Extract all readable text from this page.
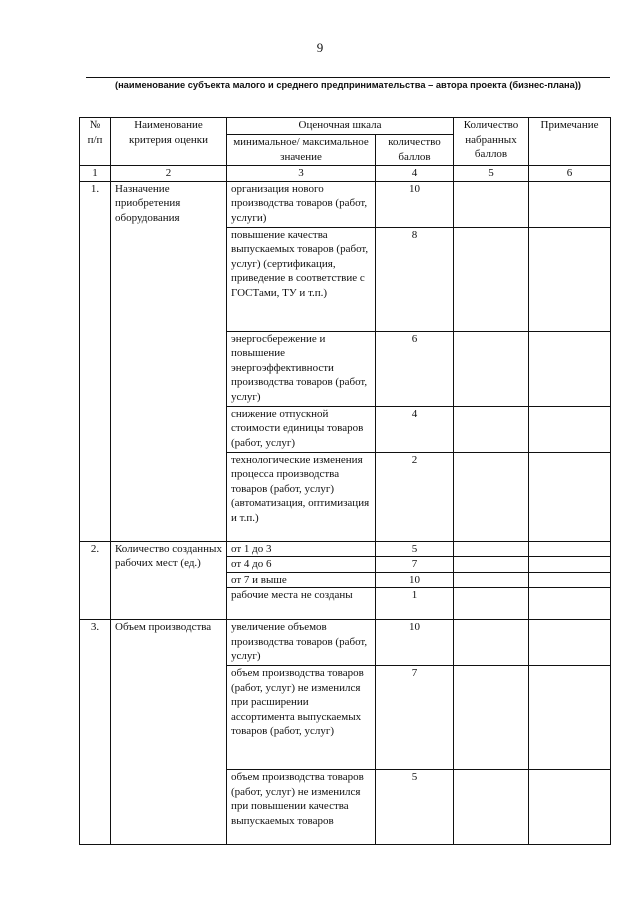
9
(наименование субъекта малого и среднего предпринимательства – автора проекта (бизнес-плана))
№ п/п	Наименование критерия оценки	Оценочная шкала		Количество набранных баллов	Примечание
		минимальное/ максимальное значение	количество баллов		
1	2	3	4	5	6
1.	Назначение приобретения оборудования	организация нового производства товаров (работ, услуги)	10		
		повышение качества выпускаемых товаров (работ, услуг) (сертификация, приведение в соответствие с ГОСТами, ТУ и т.п.)	8		
		энергосбережение и повышение энергоэффективности производства товаров (работ, услуг)	6		
		снижение отпускной стоимости единицы товаров (работ, услуг)	4		
		технологические изменения процесса производства товаров (работ, услуг) (автоматизация, оптимизация и т.п.)	2		
2.	Количество созданных рабочих мест (ед.)	от 1 до 3	5		
		от 4 до 6	7		
		от 7 и выше	10		
		рабочие места не созданы	1		
3.	Объем производства	увеличение объемов производства товаров (работ, услуг)	10		
		объем производства товаров (работ, услуг) не изменился при расширении ассортимента выпускаемых товаров (работ, услуг)	7		
		объем производства товаров (работ, услуг) не изменился при повышении качества выпускаемых товаров	5		
